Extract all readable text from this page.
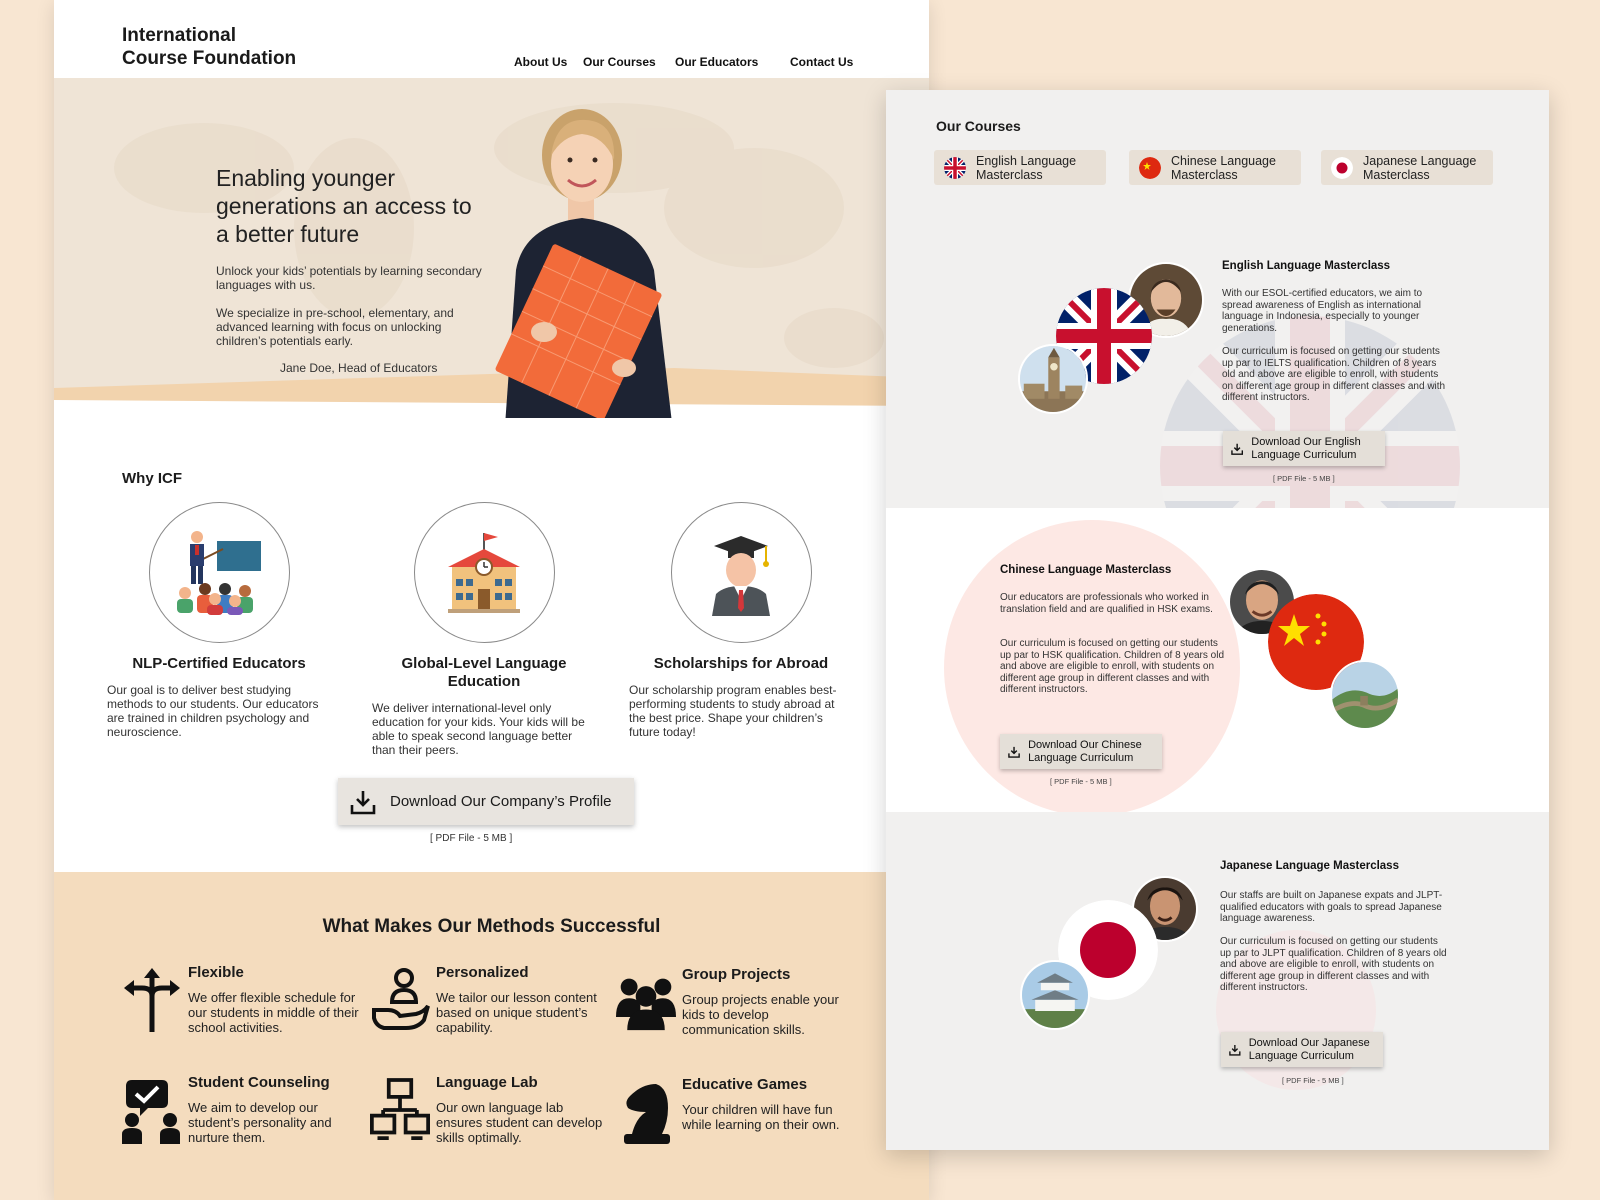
International
Course Foundation	About Us Our Courses Our Educators	Contact Us
Enabling younger generations an access to a better future

Unlock your kids’ potentials by learning secondary languages with us.

We specialize in pre-school, elementary, and advanced learning with focus on unlocking children’s potentials early.

Jane Doe, Head of Educators
Why ICF
NLP-Certified Educators

Our goal is to deliver best studying methods to our students. Our educators are trained in children psychology and neuroscience.

Global-Level Language Education

We deliver international-level only education for your kids. Your kids will be able to speak second language better than their peers.

Scholarships for Abroad

Our scholarship program enables best-performing students to study abroad at the best price. Shape your children’s future today!

Download Our Company’s Profile
[ PDF File - 5 MB ]
What Makes Our Methods Successful
Flexible

We offer flexible schedule for our students in middle of their school activities.

Personalized

We tailor our lesson content based on unique student’s capability.

Group Projects

Group projects enable your kids to develop communication skills.

Student Counseling

We aim to develop our student’s personality and nurture them.

Language Lab

Our own language lab ensures student can develop skills optimally.

Educative Games

Your children will have fun while learning on their own.

Our Courses
English Language Masterclass
Chinese Language Masterclass
Japanese Language Masterclass
English Language Masterclass

With our ESOL-certified educators, we aim to spread awareness of English as international language in Indonesia, especially to younger generations.

Our curriculum is focused on getting our students up par to IELTS qualification. Children of 8 years old and above are eligible to enroll, with students on different age group in different classes and with different instructors.

Download Our English Language Curriculum
[ PDF File - 5 MB ]
Chinese Language Masterclass

Our educators are professionals who worked in translation field and are qualified in HSK exams.

Our curriculum is focused on getting our students up par to HSK qualification. Children of 8 years old and above are eligible to enroll, with students on different age group in different classes and with different instructors.

Download Our Chinese Language Curriculum
[ PDF File - 5 MB ]
Japanese Language Masterclass

Our staffs are built on Japanese expats and JLPT-qualified educators with goals to spread Japanese language awareness.

Our curriculum is focused on getting our students up par to JLPT qualification. Children of 8 years old and above are eligible to enroll, with students on different age group in different classes and with different instructors.

Download Our Japanese Language Curriculum
[ PDF File - 5 MB ]
